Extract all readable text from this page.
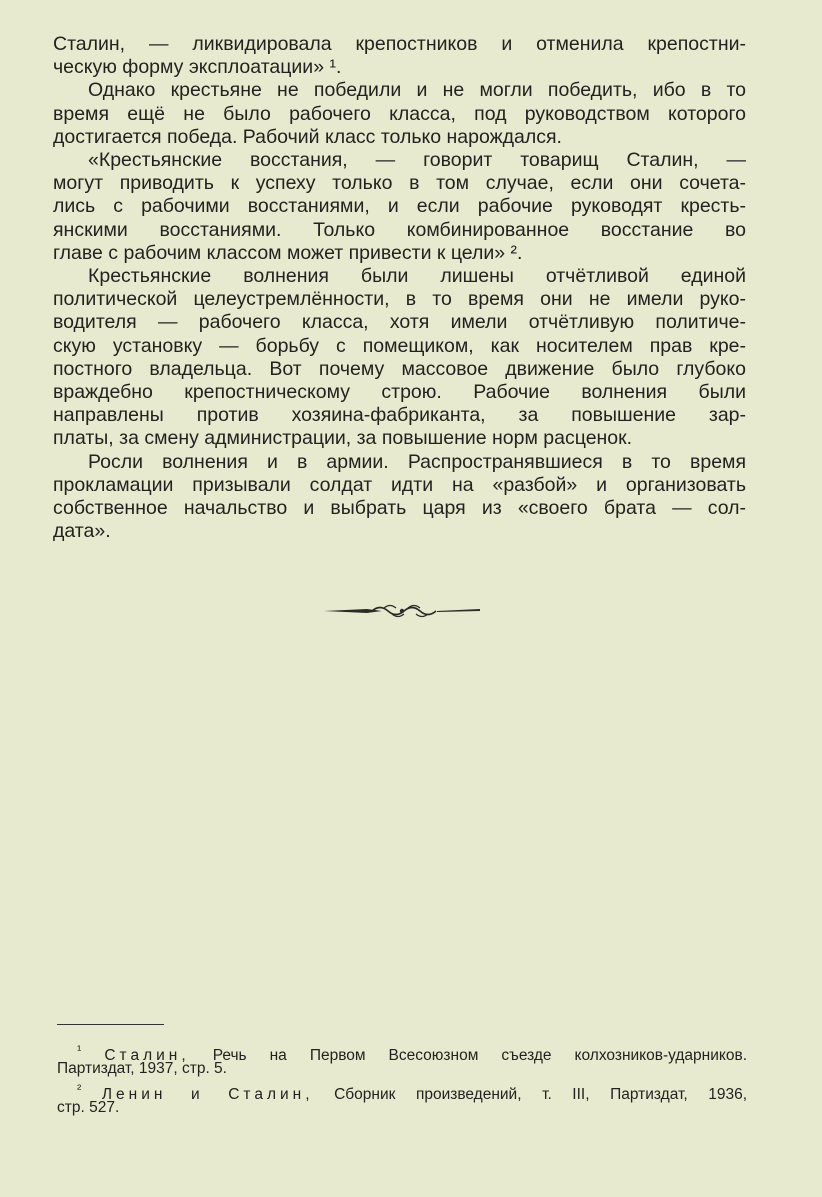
Сталин, — ликвидировала крепостников и отменила крепостни-
ческую форму эксплоатации» ¹.
Однако крестьяне не победили и не могли победить, ибо в то
время ещё не было рабочего класса, под руководством которого
достигается победа. Рабочий класс только нарождался.
«Крестьянские восстания, — говорит товарищ Сталин, —
могут приводить к успеху только в том случае, если они сочета-
лись с рабочими восстаниями, и если рабочие руководят кресть-
янскими восстаниями. Только комбинированное восстание во
главе с рабочим классом может привести к цели» ².
Крестьянские волнения были лишены отчётливой единой
политической целеустремлённости, в то время они не имели руко-
водителя — рабочего класса, хотя имели отчётливую политиче-
скую установку — борьбу с помещиком, как носителем прав кре-
постного владельца. Вот почему массовое движение было глубоко
враждебно крепостническому строю. Рабочие волнения были
направлены против хозяина-фабриканта, за повышение зар-
платы, за смену администрации, за повышение норм расценок.
Росли волнения и в армии. Распространявшиеся в то время
прокламации призывали солдат идти на «разбой» и организовать
собственное начальство и выбрать царя из «своего брата — сол-
дата».
$^{^1}$ Сталин, Речь на Первом Всесоюзном съезде колхозников-ударников.
Партиздат, 1937, стр. 5.
$^{^2}$ Ленин и Сталин, Сборник произведений, т. III, Партиздат, 1936,
стр. 527.
